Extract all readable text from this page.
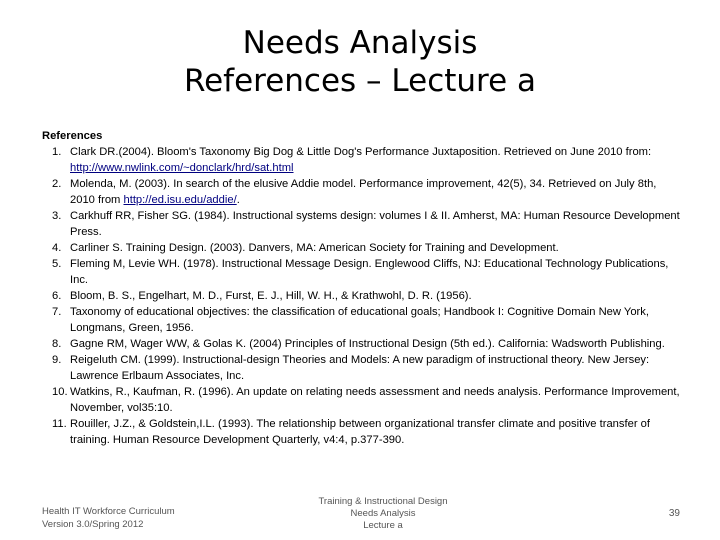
Needs Analysis
References – Lecture a
References
1. Clark DR.(2004). Bloom's Taxonomy Big Dog & Little Dog's Performance Juxtaposition. Retrieved on June 2010 from: http://www.nwlink.com/~donclark/hrd/sat.html
2. Molenda, M. (2003). In search of the elusive Addie model. Performance improvement, 42(5), 34. Retrieved on July 8th, 2010 from http://ed.isu.edu/addie/.
3. Carkhuff RR, Fisher SG. (1984). Instructional systems design: volumes I & II. Amherst, MA: Human Resource Development Press.
4. Carliner S. Training Design. (2003). Danvers, MA: American Society for Training and Development.
5. Fleming M, Levie WH. (1978). Instructional Message Design. Englewood Cliffs, NJ: Educational Technology Publications, Inc.
6. Bloom, B. S., Engelhart, M. D., Furst, E. J., Hill, W. H., & Krathwohl, D. R. (1956).
7. Taxonomy of educational objectives: the classification of educational goals; Handbook I: Cognitive Domain New York, Longmans, Green, 1956.
8. Gagne RM, Wager WW, & Golas K. (2004) Principles of Instructional Design (5th ed.). California: Wadsworth Publishing.
9. Reigeluth CM. (1999). Instructional-design Theories and Models: A new paradigm of instructional theory. New Jersey: Lawrence Erlbaum Associates, Inc.
10. Watkins, R., Kaufman, R. (1996). An update on relating needs assessment and needs analysis. Performance Improvement, November, vol35:10.
11. Rouiller, J.Z., & Goldstein,I.L. (1993). The relationship between organizational transfer climate and positive transfer of training. Human Resource Development Quarterly, v4:4, p.377-390.
Health IT Workforce Curriculum
Version 3.0/Spring 2012
Training & Instructional Design
Needs Analysis
Lecture a
39
